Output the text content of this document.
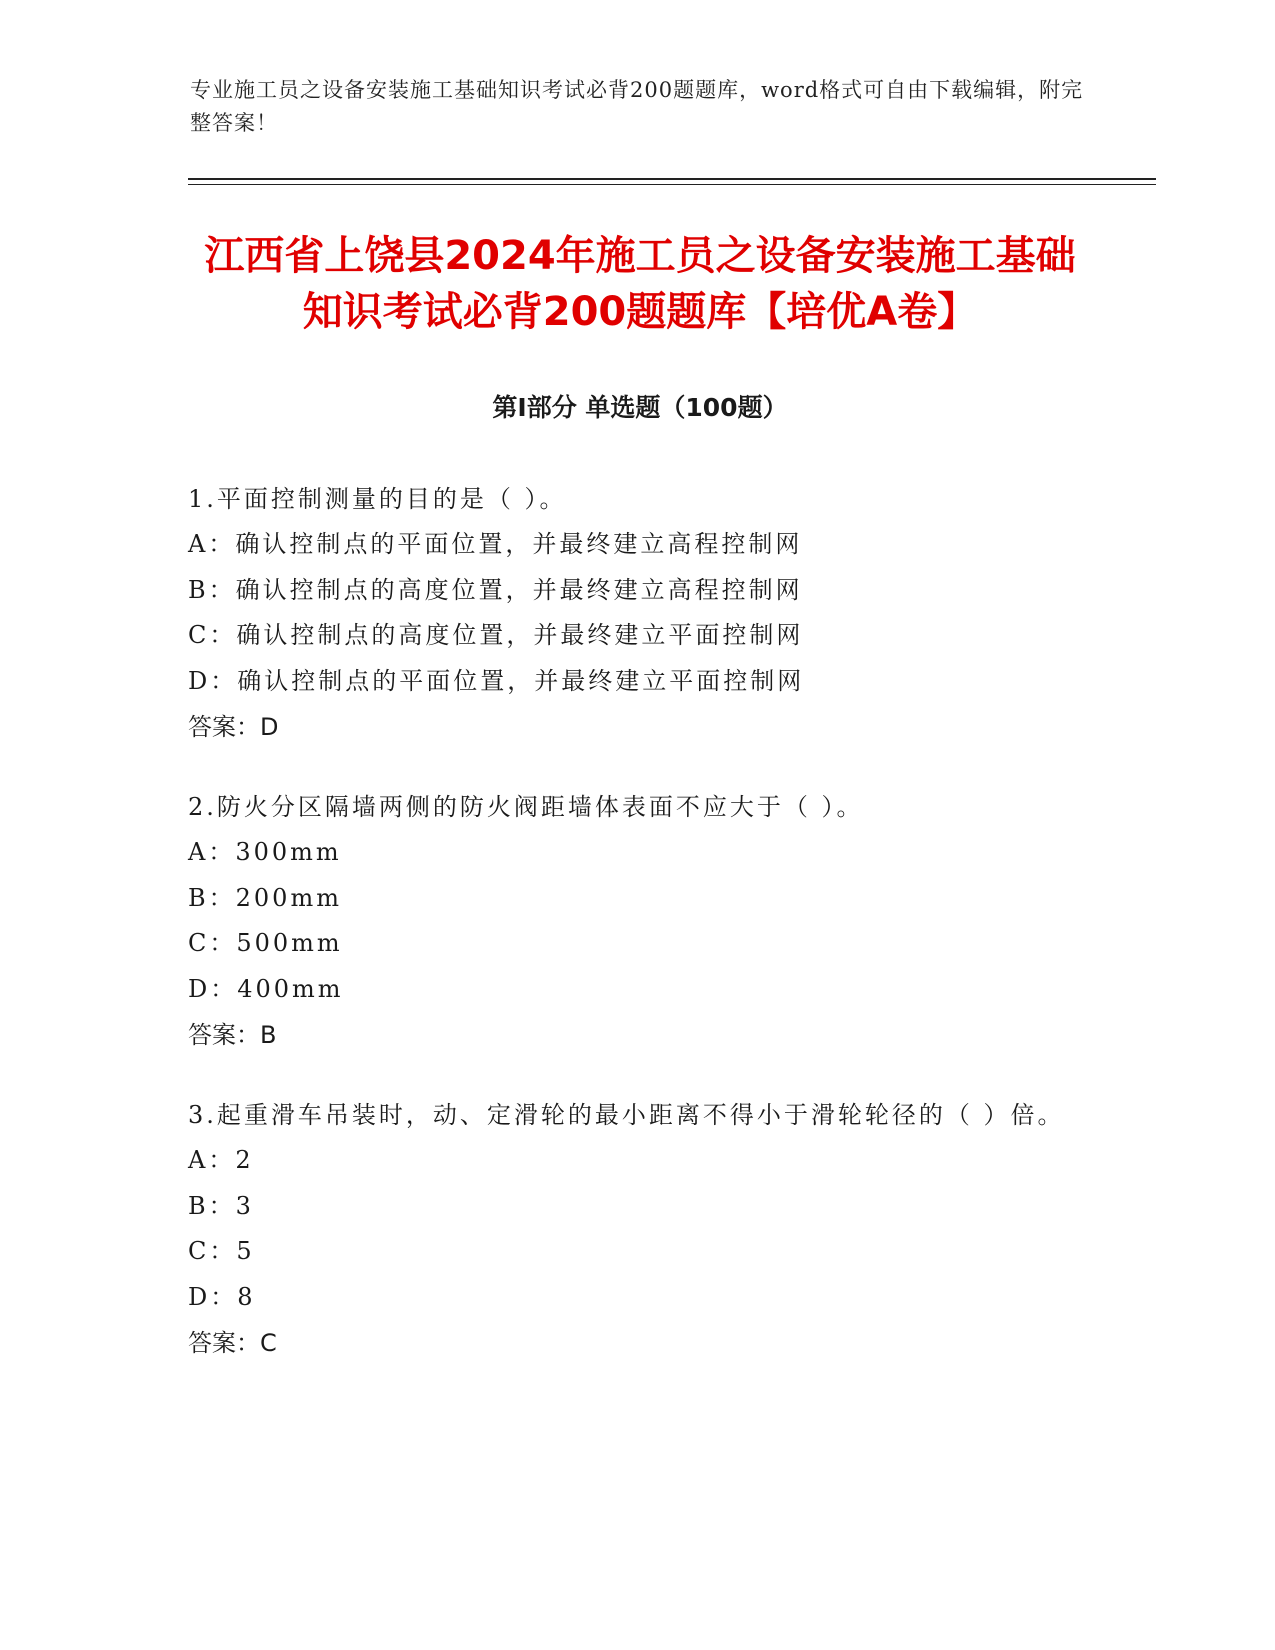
专业施工员之设备安装施工基础知识考试必背200题题库，word格式可自由下载编辑，附完整答案！
江西省上饶县2024年施工员之设备安装施工基础知识考试必背200题题库【培优A卷】
第Ⅰ部分 单选题（100题）
1.平面控制测量的目的是（ ）。
A：确认控制点的平面位置，并最终建立高程控制网
B：确认控制点的高度位置，并最终建立高程控制网
C：确认控制点的高度位置，并最终建立平面控制网
D：确认控制点的平面位置，并最终建立平面控制网
答案：D
2.防火分区隔墙两侧的防火阀距墙体表面不应大于（ ）。
A：300mm
B：200mm
C：500mm
D：400mm
答案：B
3.起重滑车吊装时，动、定滑轮的最小距离不得小于滑轮轮径的（ ）倍。
A：2
B：3
C：5
D：8
答案：C
